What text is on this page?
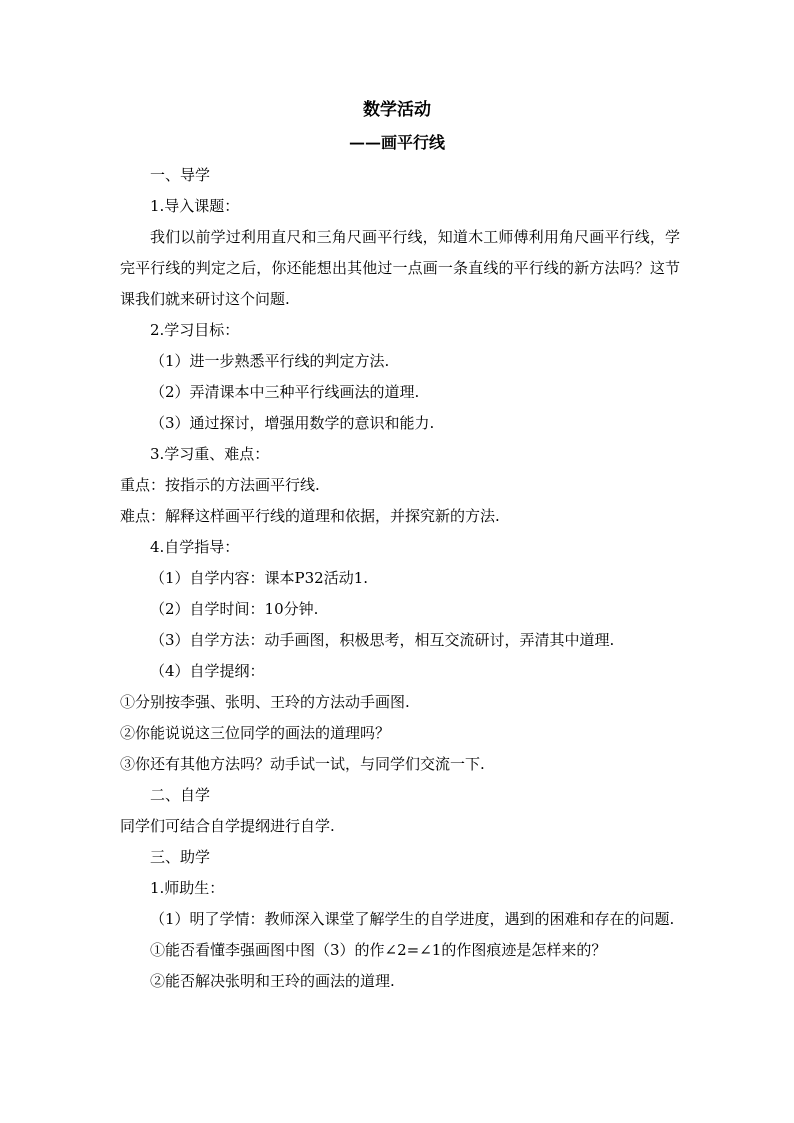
数学活动
——画平行线

一、导学

1.导入课题：

我们以前学过利用直尺和三角尺画平行线，知道木工师傅利用角尺画平行线，学完平行线的判定之后，你还能想出其他过一点画一条直线的平行线的新方法吗？这节课我们就来研讨这个问题.

2.学习目标：

（1）进一步熟悉平行线的判定方法.

（2）弄清课本中三种平行线画法的道理.

（3）通过探讨，增强用数学的意识和能力.

3.学习重、难点：

重点：按指示的方法画平行线.

难点：解释这样画平行线的道理和依据，并探究新的方法.

4.自学指导：

（1）自学内容：课本P32活动1.

（2）自学时间：10分钟.

（3）自学方法：动手画图，积极思考，相互交流研讨，弄清其中道理.

（4）自学提纲：

①分别按李强、张明、王玲的方法动手画图.

②你能说说这三位同学的画法的道理吗？

③你还有其他方法吗？动手试一试，与同学们交流一下.

二、自学

同学们可结合自学提纲进行自学.

三、助学

1.师助生：

（1）明了学情：教师深入课堂了解学生的自学进度，遇到的困难和存在的问题.

①能否看懂李强画图中图（3）的作∠2=∠1的作图痕迹是怎样来的？

②能否解决张明和王玲的画法的道理.
